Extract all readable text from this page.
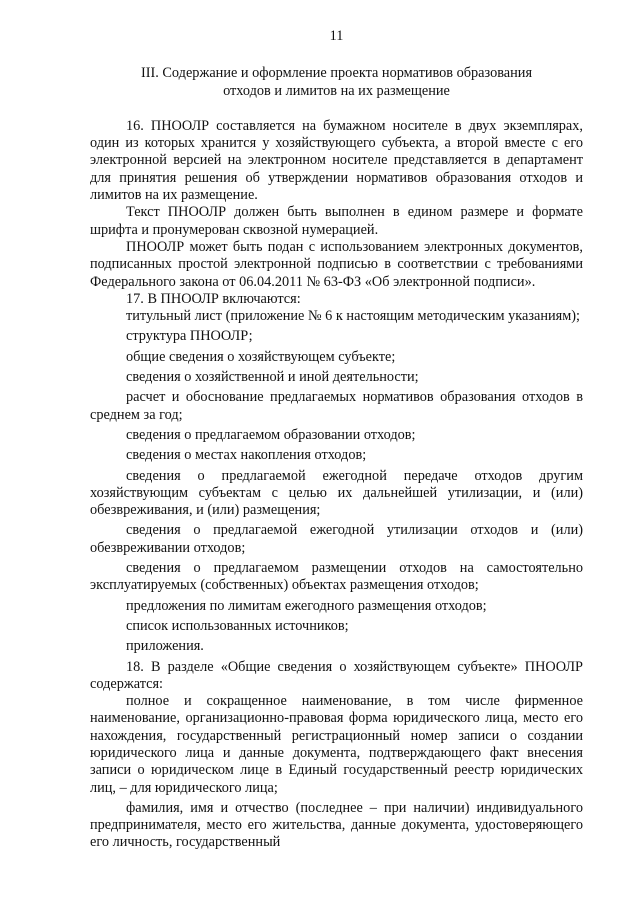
11
III. Содержание и оформление проекта нормативов образования
отходов и лимитов на их размещение

16. ПНООЛР составляется на бумажном носителе в двух экземплярах, один из которых хранится у хозяйствующего субъекта, а второй вместе с его электронной версией на электронном носителе представляется в департамент для принятия решения об утверждении нормативов образования отходов и лимитов на их размещение.

Текст ПНООЛР должен быть выполнен в едином размере и формате шрифта и пронумерован сквозной нумерацией.

ПНООЛР может быть подан с использованием электронных документов, подписанных простой электронной подписью в соответствии с требованиями Федерального закона от 06.04.2011 № 63-ФЗ «Об электронной подписи».

17. В ПНООЛР включаются:

титульный лист (приложение № 6 к настоящим методическим указаниям);

структура ПНООЛР;

общие сведения о хозяйствующем субъекте;

сведения о хозяйственной и иной деятельности;

расчет и обоснование предлагаемых нормативов образования отходов в среднем за год;

сведения о предлагаемом образовании отходов;

сведения о местах накопления отходов;

сведения о предлагаемой ежегодной передаче отходов другим хозяйствующим субъектам с целью их дальнейшей утилизации, и (или) обезвреживания, и (или) размещения;

сведения о предлагаемой ежегодной утилизации отходов и (или) обезвреживании отходов;

сведения о предлагаемом размещении отходов на самостоятельно эксплуатируемых (собственных) объектах размещения отходов;

предложения по лимитам ежегодного размещения отходов;

список использованных источников;

приложения.

18. В разделе «Общие сведения о хозяйствующем субъекте» ПНООЛР содержатся:

полное и сокращенное наименование, в том числе фирменное наименование, организационно-правовая форма юридического лица, место его нахождения, государственный регистрационный номер записи о создании юридического лица и данные документа, подтверждающего факт внесения записи о юридическом лице в Единый государственный реестр юридических лиц, – для юридического лица;

фамилия, имя и отчество (последнее – при наличии) индивидуального предпринимателя, место его жительства, данные документа, удостоверяющего его личность, государственный
